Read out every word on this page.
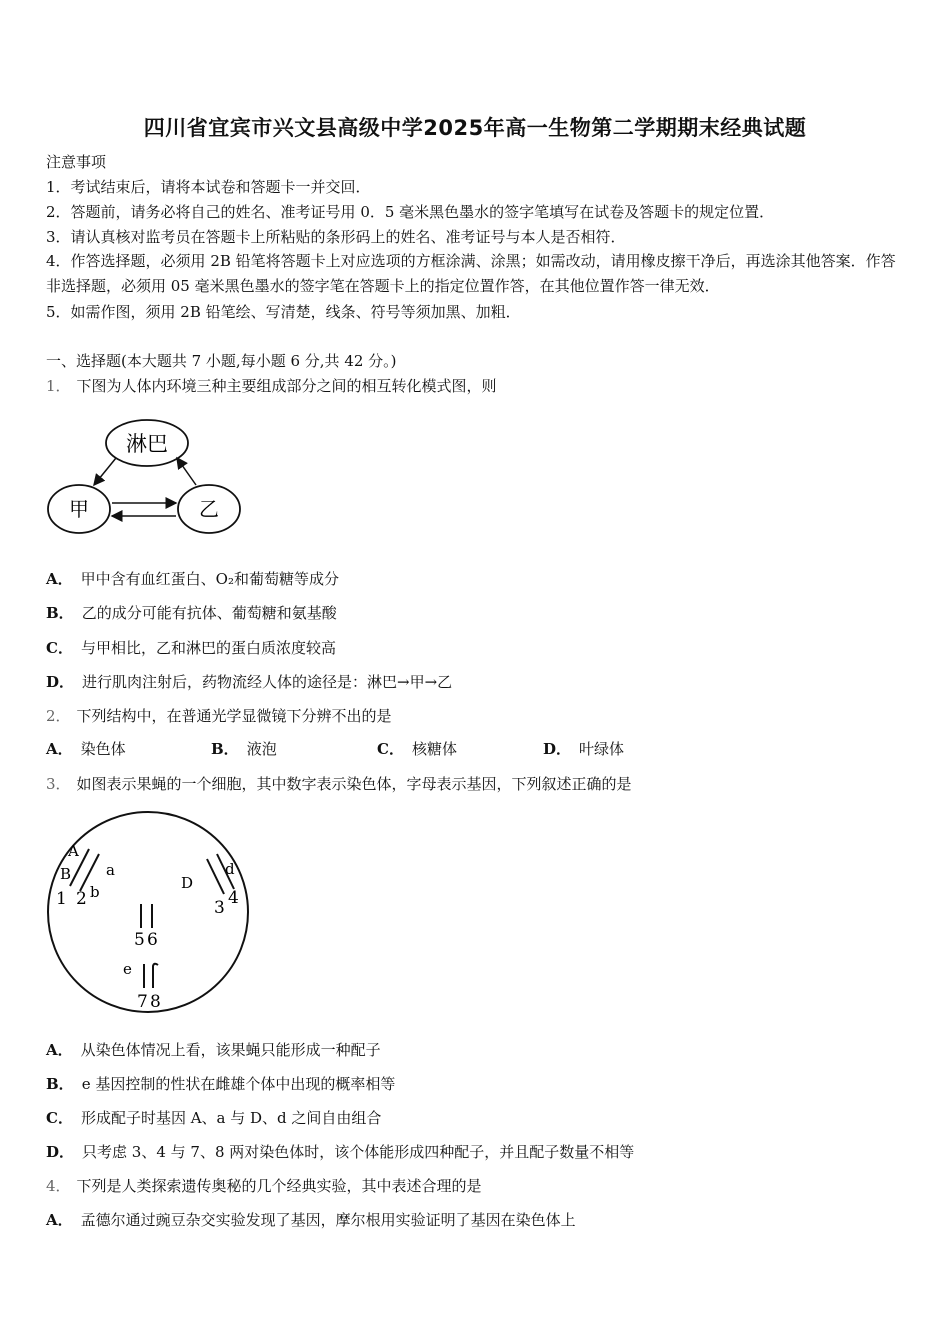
四川省宜宾市兴文县高级中学2025年高一生物第二学期期末经典试题
注意事项
1．考试结束后，请将本试卷和答题卡一并交回．
2．答题前，请务必将自己的姓名、准考证号用 0．5 毫米黑色墨水的签字笔填写在试卷及答题卡的规定位置．
3．请认真核对监考员在答题卡上所粘贴的条形码上的姓名、准考证号与本人是否相符．
4．作答选择题，必须用 2B 铅笔将答题卡上对应选项的方框涂满、涂黑；如需改动，请用橡皮擦干净后，再选涂其他答案．作答非选择题，必须用 05 毫米黑色墨水的签字笔在答题卡上的指定位置作答，在其他位置作答一律无效．
5．如需作图，须用 2B 铅笔绘、写清楚，线条、符号等须加黑、加粗．
一、选择题(本大题共 7 小题,每小题 6 分,共 42 分。)
1． 下图为人体内环境三种主要组成部分之间的相互转化模式图，则
淋巴
甲	乙
A． 甲中含有血红蛋白、O₂和葡萄糖等成分
B． 乙的成分可能有抗体、葡萄糖和氨基酸
C． 与甲相比，乙和淋巴的蛋白质浓度较高
D． 进行肌肉注射后，药物流经人体的途径是：淋巴→甲→乙
2． 下列结构中，在普通光学显微镜下分辨不出的是
A． 染色体	B． 液泡	C． 核糖体	D． 叶绿体
3． 如图表示果蝇的一个细胞，其中数字表示染色体，字母表示基因，下列叙述正确的是
A
B a
b
1 2
D
d
3 4
5 6
e
7 8
A． 从染色体情况上看，该果蝇只能形成一种配子
B． e 基因控制的性状在雌雄个体中出现的概率相等
C． 形成配子时基因 A、a 与 D、d 之间自由组合
D． 只考虑 3、4 与 7、8 两对染色体时，该个体能形成四种配子，并且配子数量不相等
4． 下列是人类探索遗传奥秘的几个经典实验，其中表述合理的是
A． 孟德尔通过豌豆杂交实验发现了基因，摩尔根用实验证明了基因在染色体上
